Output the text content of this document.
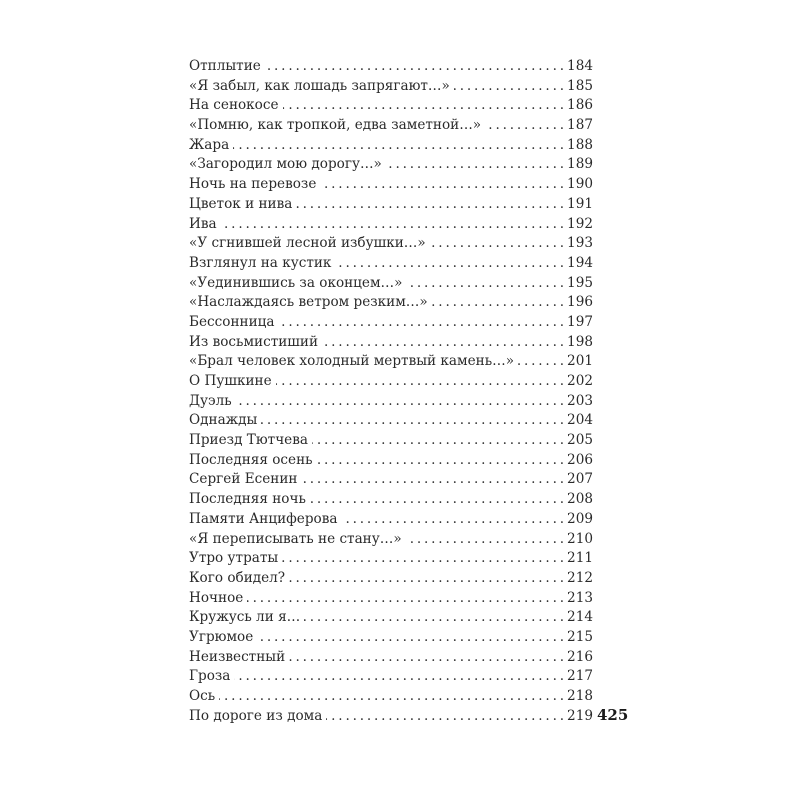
Отплытие . . .	184
«Я забыл, как лошадь запрягают…» . . .	185
На сенокосе . . .	186
«Помню, как тропкой, едва заметной…» . . .	187
Жара . . .	188
«Загородил мою дорогу…» . . .	189
Ночь на перевозе . . .	190
Цветок и нива . . .	191
Ива . . .	192
«У сгнившей лесной избушки…» . . .	193
Взглянул на кустик . . .	194
«Уединившись за оконцем…» . . .	195
«Наслаждаясь ветром резким…» . . .	196
Бессонница . . .	197
Из восьмистиший . . .	198
«Брал человек холодный мертвый камень…» . . .	201
О Пушкине . . .	202
Дуэль . . .	203
Однажды . . .	204
Приезд Тютчева . . .	205
Последняя осень . . .	206
Сергей Есенин . . .	207
Последняя ночь . . .	208
Памяти Анциферова . . .	209
«Я переписывать не стану…» . . .	210
Утро утраты . . .	211
Кого обидел? . . .	212
Ночное . . .	213
Кружусь ли я… . . .	214
Угрюмое . . .	215
Неизвестный . . .	216
Гроза . . .	217
Ось . . .	218
По дороге из дома . . .	219 425
